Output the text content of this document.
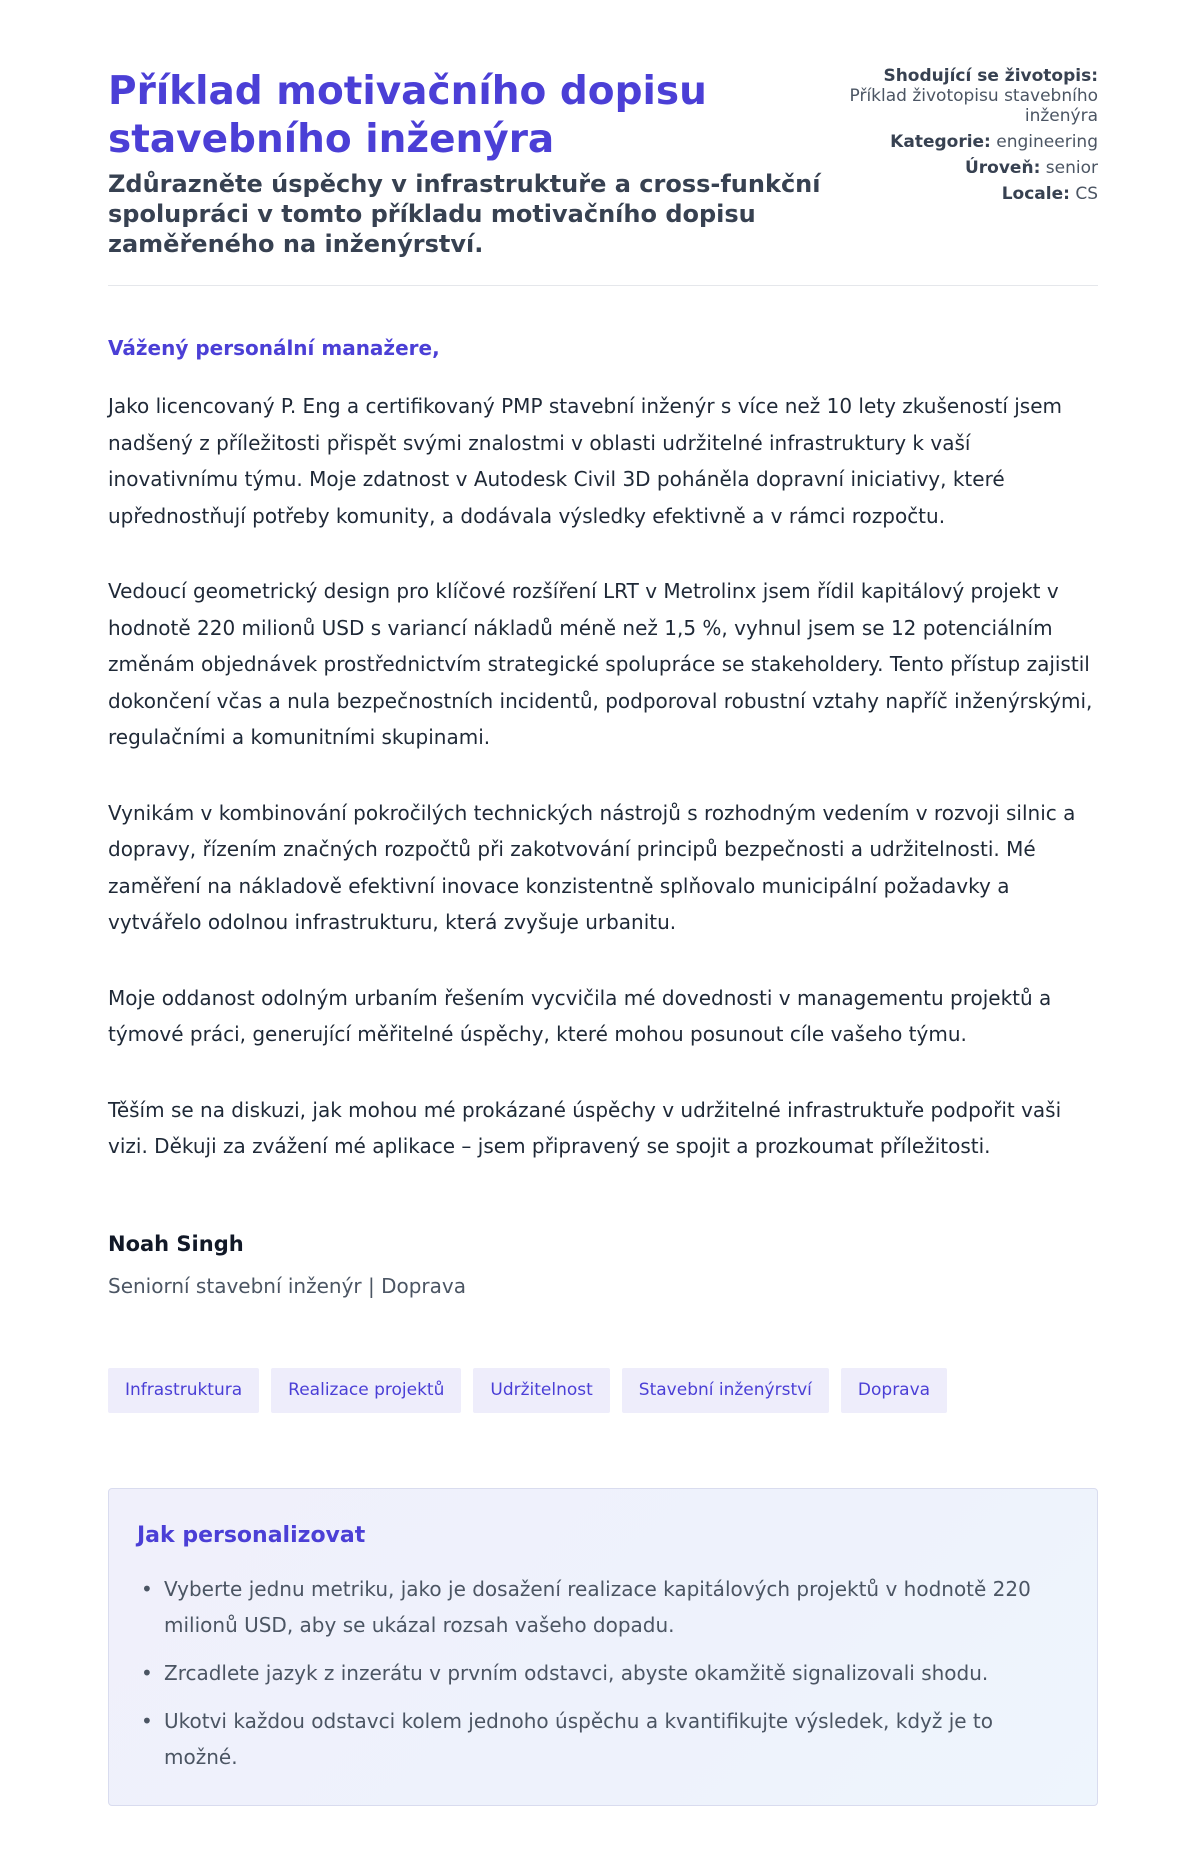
Příklad motivačního dopisu stavebního inženýra
Zdůrazněte úspěchy v infrastruktuře a cross-funkční spolupráci v tomto příkladu motivačního dopisu zaměřeného na inženýrství.
Shodující se životopis:
Příklad životopisu stavebního inženýra
Kategorie: engineering
Úroveň: senior
Locale: CS
Vážený personální manažere,

Jako licencovaný P. Eng a certifikovaný PMP stavební inženýr s více než 10 lety zkušeností jsem nadšený z příležitosti přispět svými znalostmi v oblasti udržitelné infrastruktury k vaší inovativnímu týmu. Moje zdatnost v Autodesk Civil 3D poháněla dopravní iniciativy, které upřednostňují potřeby komunity, a dodávala výsledky efektivně a v rámci rozpočtu.

Vedoucí geometrický design pro klíčové rozšíření LRT v Metrolinx jsem řídil kapitálový projekt v hodnotě 220 milionů USD s variancí nákladů méně než 1,5 %, vyhnul jsem se 12 potenciálním změnám objednávek prostřednictvím strategické spolupráce se stakeholdery. Tento přístup zajistil dokončení včas a nula bezpečnostních incidentů, podporoval robustní vztahy napříč inženýrskými, regulačními a komunitními skupinami.

Vynikám v kombinování pokročilých technických nástrojů s rozhodným vedením v rozvoji silnic a dopravy, řízením značných rozpočtů při zakotvování principů bezpečnosti a udržitelnosti. Mé zaměření na nákladově efektivní inovace konzistentně splňovalo municipální požadavky a vytvářelo odolnou infrastrukturu, která zvyšuje urbanitu.

Moje oddanost odolným urbaním řešením vycvičila mé dovednosti v managementu projektů a týmové práci, generující měřitelné úspěchy, které mohou posunout cíle vašeho týmu.

Těším se na diskuzi, jak mohou mé prokázané úspěchy v udržitelné infrastruktuře podpořit vaši vizi. Děkuji za zvážení mé aplikace – jsem připravený se spojit a prozkoumat příležitosti.

Noah Singh
Seniorní stavební inženýr | Doprava
Infrastruktura	Realizace projektů	Udržitelnost	Stavební inženýrství	Doprava
Jak personalizovat
• Vyberte jednu metriku, jako je dosažení realizace kapitálových projektů v hodnotě 220 milionů USD, aby se ukázal rozsah vašeho dopadu.
• Zrcadlete jazyk z inzerátu v prvním odstavci, abyste okamžitě signalizovali shodu.
• Ukotvi každou odstavci kolem jednoho úspěchu a kvantifikujte výsledek, když je to možné.
